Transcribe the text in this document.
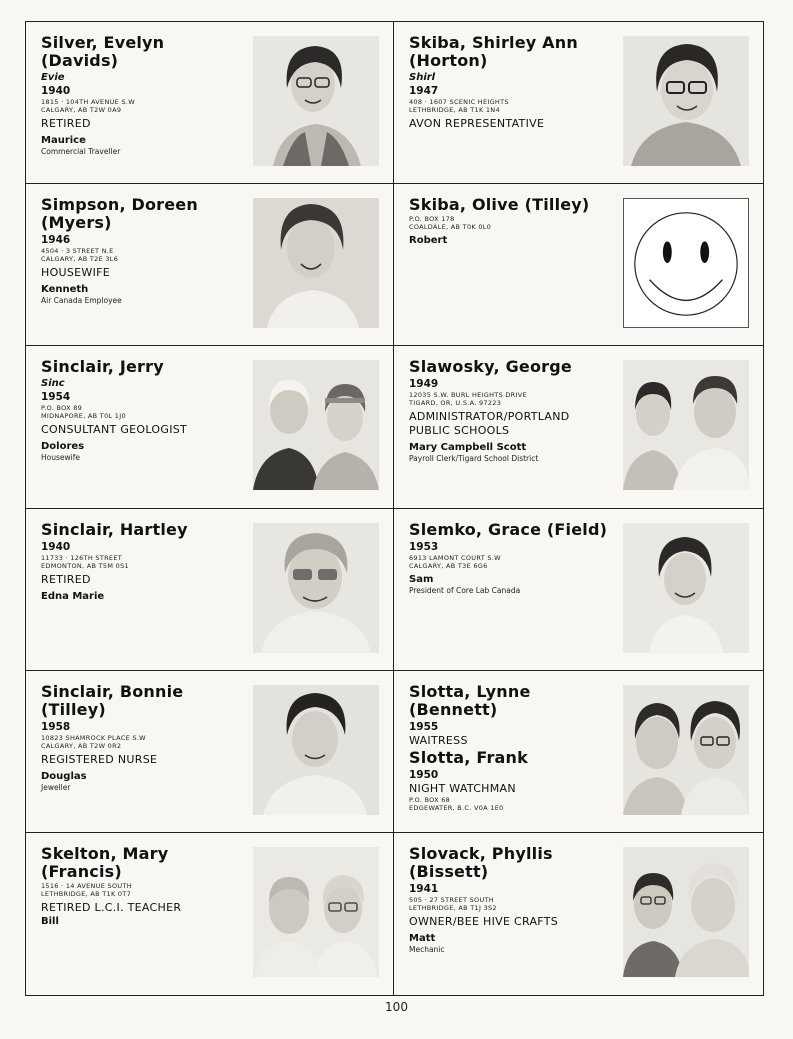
Silver, Evelyn (Davids)
Evie
1940
1815 · 104TH AVENUE S.W
CALGARY, AB T2W 0A9
RETIRED
Maurice
Commercial Traveller
Skiba, Shirley Ann (Horton)
Shirl
1947
408 · 1607 SCENIC HEIGHTS
LETHBRIDGE, AB T1K 1N4
AVON REPRESENTATIVE
Simpson, Doreen (Myers)
1946
4504 · 3 STREET N.E
CALGARY, AB T2E 3L6
HOUSEWIFE
Kenneth
Air Canada Employee
Skiba, Olive (Tilley)
P.O. BOX 178
COALDALE, AB T0K 0L0
Robert
Sinclair, Jerry
Sinc
1954
P.O. BOX 89
MIDNAPORE, AB T0L 1J0
CONSULTANT GEOLOGIST
Dolores
Housewife
Slawosky, George
1949
12035 S.W. BURL HEIGHTS DRIVE
TIGARD, OR, U.S.A. 97223
ADMINISTRATOR/PORTLAND PUBLIC SCHOOLS
Mary Campbell Scott
Payroll Clerk/Tigard School District
Sinclair, Hartley
1940
11733 · 126TH STREET
EDMONTON, AB T5M 0S1
RETIRED
Edna Marie
Slemko, Grace (Field)
1953
6913 LAMONT COURT S.W
CALGARY, AB T3E 6G6
Sam
President of Core Lab Canada
Sinclair, Bonnie (Tilley)
1958
10823 SHAMROCK PLACE S.W
CALGARY, AB T2W 0R2
REGISTERED NURSE
Douglas
Jeweller
Slotta, Lynne (Bennett)
1955
WAITRESS
Slotta, Frank
1950
NIGHT WATCHMAN
P.O. BOX 68
EDGEWATER, B.C. V0A 1E0
Skelton, Mary (Francis)
1516 · 14 AVENUE SOUTH
LETHBRIDGE, AB T1K 0T7
RETIRED L.C.I. TEACHER
Bill
Slovack, Phyllis (Bissett)
1941
505 · 27 STREET SOUTH
LETHBRIDGE, AB T1J 3S2
OWNER/BEE HIVE CRAFTS
Matt
Mechanic
100
